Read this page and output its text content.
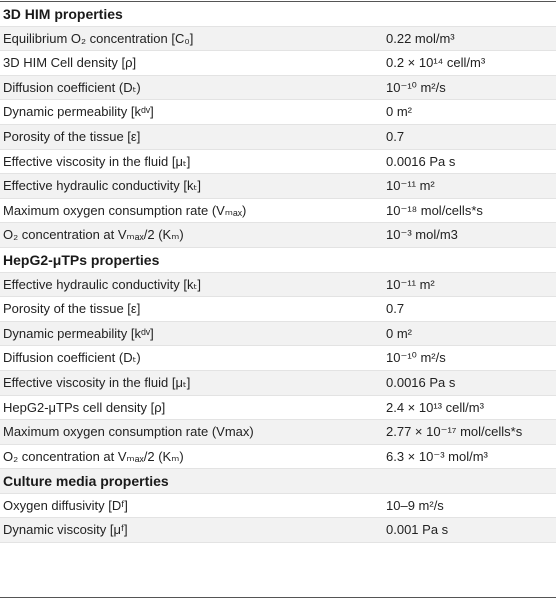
3D HIM properties
Equilibrium O₂ concentration [C₀]	0.22 mol/m³
3D HIM Cell density [ρ]	0.2 × 10¹⁴ cell/m³
Diffusion coefficient (Dₜ)	10⁻¹⁰ m²/s
Dynamic permeability [kᵈᵛ]	0 m²
Porosity of the tissue [ε]	0.7
Effective viscosity in the fluid [μₜ]	0.0016 Pa s
Effective hydraulic conductivity [kₜ]	10⁻¹¹ m²
Maximum oxygen consumption rate (Vₘₐₓ)	10⁻¹⁸ mol/cells*s
O₂ concentration at Vₘₐₓ/2 (Kₘ)	10⁻³ mol/m3
HepG2-μTPs properties
Effective hydraulic conductivity [kₜ]	10⁻¹¹ m²
Porosity of the tissue [ε]	0.7
Dynamic permeability [kᵈᵛ]	0 m²
Diffusion coefficient (Dₜ)	10⁻¹⁰ m²/s
Effective viscosity in the fluid [μₜ]	0.0016 Pa s
HepG2-μTPs cell density [ρ]	2.4 × 10¹³ cell/m³
Maximum oxygen consumption rate (Vmax)	2.77 × 10⁻¹⁷ mol/cells*s
O₂ concentration at Vₘₐₓ/2 (Kₘ)	6.3 × 10⁻³ mol/m³
Culture media properties
Oxygen diffusivity [Dᶠ]	10–9 m²/s
Dynamic viscosity [μᶠ]	0.001 Pa s
